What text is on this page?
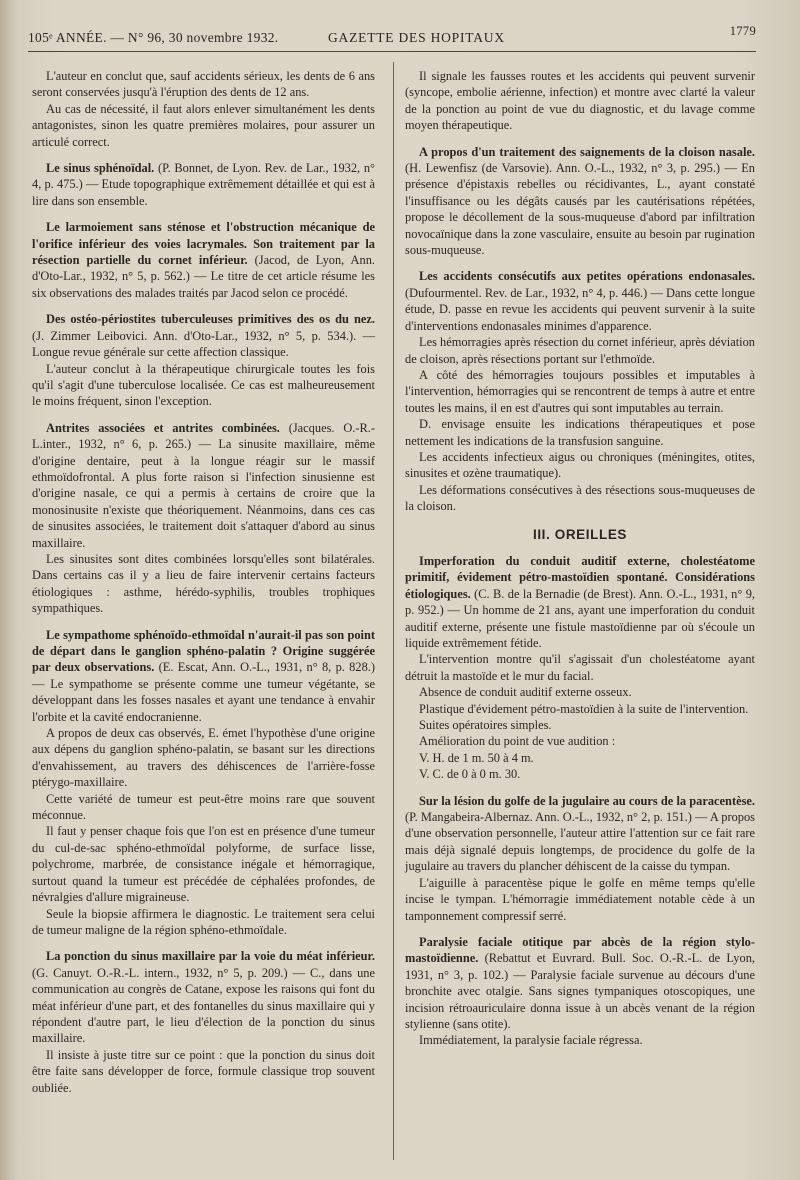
105ᵉ ANNÉE. — N° 96, 30 novembre 1932.	GAZETTE DES HOPITAUX	1779

L'auteur en conclut que, sauf accidents sérieux, les dents de 6 ans seront conservées jusqu'à l'éruption des dents de 12 ans.

Au cas de nécessité, il faut alors enlever simultanément les dents antagonistes, sinon les quatre premières molaires, pour assurer un articulé correct.

Le sinus sphénoïdal. (P. Bonnet, de Lyon. Rev. de Lar., 1932, n° 4, p. 475.) — Etude topographique extrêmement détaillée et qui est à lire dans son ensemble.

Le larmoiement sans sténose et l'obstruction mécanique de l'orifice inférieur des voies lacrymales. Son traitement par la résection partielle du cornet inférieur. (Jacod, de Lyon, Ann. d'Oto-Lar., 1932, n° 5, p. 562.) — Le titre de cet article résume les six observations des malades traités par Jacod selon ce procédé.

Des ostéo-périostites tuberculeuses primitives des os du nez. (J. Zimmer Leibovici. Ann. d'Oto-Lar., 1932, n° 5, p. 534.). — Longue revue générale sur cette affection classique.

L'auteur conclut à la thérapeutique chirurgicale toutes les fois qu'il s'agit d'une tuberculose localisée. Ce cas est malheureusement le moins fréquent, sinon l'exception.

Antrites associées et antrites combinées. (Jacques. O.-R.-L.inter., 1932, n° 6, p. 265.) — La sinusite maxillaire, même d'origine dentaire, peut à la longue réagir sur le massif ethmoïdofrontal. A plus forte raison si l'infection sinusienne est d'origine nasale, ce qui a permis à certains de croire que la monosinusite n'existe que théoriquement. Néanmoins, dans ces cas de sinusites associées, le traitement doit s'attaquer d'abord au sinus maxillaire.

Les sinusites sont dites combinées lorsqu'elles sont bilatérales. Dans certains cas il y a lieu de faire intervenir certains facteurs étiologiques : asthme, hérédo-syphilis, troubles trophiques sympathiques.

Le sympathome sphénoïdo-ethmoïdal n'aurait-il pas son point de départ dans le ganglion sphéno-palatin ? Origine suggérée par deux observations. (E. Escat, Ann. O.-L., 1931, n° 8, p. 828.) — Le sympathome se présente comme une tumeur végétante, se développant dans les fosses nasales et ayant une tendance à envahir l'orbite et la cavité endocranienne.

A propos de deux cas observés, E. émet l'hypothèse d'une origine aux dépens du ganglion sphéno-palatin, se basant sur les directions d'envahissement, au travers des déhiscences de l'arrière-fosse ptérygo-maxillaire.

Cette variété de tumeur est peut-être moins rare que souvent méconnue.

Il faut y penser chaque fois que l'on est en présence d'une tumeur du cul-de-sac sphéno-ethmoïdal polyforme, de surface lisse, polychrome, marbrée, de consistance inégale et hémorragique, surtout quand la tumeur est précédée de céphalées profondes, de névralgies d'allure migraineuse.

Seule la biopsie affirmera le diagnostic. Le traitement sera celui de tumeur maligne de la région sphéno-ethmoïdale.

La ponction du sinus maxillaire par la voie du méat inférieur. (G. Canuyt. O.-R.-L. intern., 1932, n° 5, p. 209.) — C., dans une communication au congrès de Catane, expose les raisons qui font du méat inférieur d'une part, et des fontanelles du sinus maxillaire qui y répondent d'autre part, le lieu d'élection de la ponction du sinus maxillaire.

Il insiste à juste titre sur ce point : que la ponction du sinus doit être faite sans développer de force, formule classique trop souvent oubliée.

Il signale les fausses routes et les accidents qui peuvent survenir (syncope, embolie aérienne, infection) et montre avec clarté la valeur de la ponction au point de vue du diagnostic, et du lavage comme moyen thérapeutique.

A propos d'un traitement des saignements de la cloison nasale. (H. Lewenfisz (de Varsovie). Ann. O.-L., 1932, n° 3, p. 295.) — En présence d'épistaxis rebelles ou récidivantes, L., ayant constaté l'insuffisance ou les dégâts causés par les cautérisations répétées, propose le décollement de la sous-muqueuse d'abord par infiltration novocaïnique dans la zone vasculaire, ensuite au besoin par rugination sous-muqueuse.

Les accidents consécutifs aux petites opérations endonasales. (Dufourmentel. Rev. de Lar., 1932, n° 4, p. 446.) — Dans cette longue étude, D. passe en revue les accidents qui peuvent survenir à la suite d'interventions endonasales minimes d'apparence.

Les hémorragies après résection du cornet inférieur, après déviation de cloison, après résections portant sur l'ethmoïde.

A côté des hémorragies toujours possibles et imputables à l'intervention, hémorragies qui se rencontrent de temps à autre et entre toutes les mains, il en est d'autres qui sont imputables au terrain.

D. envisage ensuite les indications thérapeutiques et pose nettement les indications de la transfusion sanguine.

Les accidents infectieux aigus ou chroniques (méningites, otites, sinusites et ozène traumatique).

Les déformations consécutives à des résections sous-muqueuses de la cloison.

III. OREILLES

Imperforation du conduit auditif externe, cholestéatome primitif, évidement pétro-mastoïdien spontané. Considérations étiologiques. (C. B. de la Bernadie (de Brest). Ann. O.-L., 1931, n° 9, p. 952.) — Un homme de 21 ans, ayant une imperforation du conduit auditif externe, présente une fistule mastoïdienne par où s'écoule un liquide extrêmement fétide.

L'intervention montre qu'il s'agissait d'un cholestéatome ayant détruit la mastoïde et le mur du facial.

Absence de conduit auditif externe osseux.

Plastique d'évidement pétro-mastoïdien à la suite de l'intervention.

Suites opératoires simples.

Amélioration du point de vue audition :

V. H. de 1 m. 50 à 4 m.

V. C. de 0 à 0 m. 30.

Sur la lésion du golfe de la jugulaire au cours de la paracentèse. (P. Mangabeira-Albernaz. Ann. O.-L., 1932, n° 2, p. 151.) — A propos d'une observation personnelle, l'auteur attire l'attention sur ce fait rare mais déjà signalé depuis longtemps, de procidence du golfe de la jugulaire au travers du plancher déhiscent de la caisse du tympan.

L'aiguille à paracentèse pique le golfe en même temps qu'elle incise le tympan. L'hémorragie immédiatement notable cède à un tamponnement compressif serré.

Paralysie faciale otitique par abcès de la région stylo-mastoïdienne. (Rebattut et Euvrard. Bull. Soc. O.-R.-L. de Lyon, 1931, n° 3, p. 102.) — Paralysie faciale survenue au décours d'une bronchite avec otalgie. Sans signes tympaniques otoscopiques, une incision rétroauriculaire donna issue à un abcès venant de la région stylienne (sans otite).

Immédiatement, la paralysie faciale régressa.
